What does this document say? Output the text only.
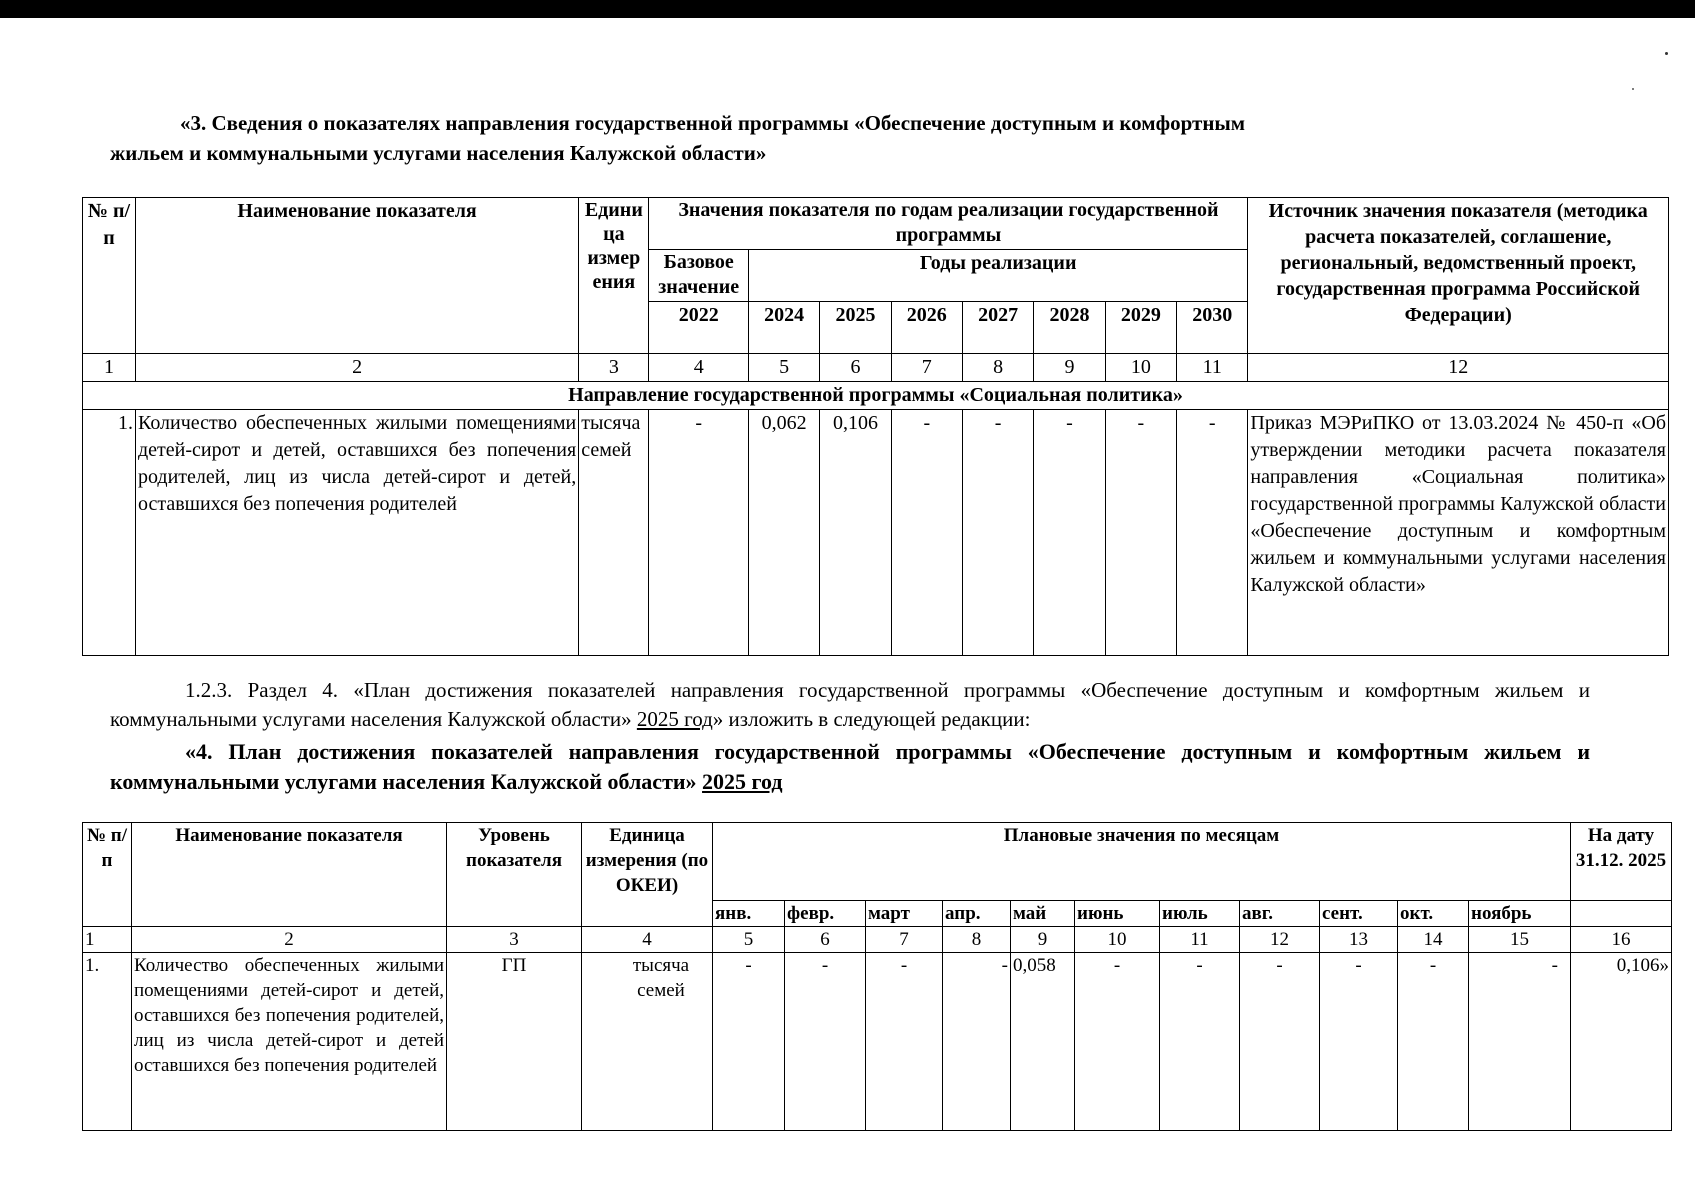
«3. Сведения о показателях направления государственной программы «Обеспечение доступным и комфортным
жильем и коммунальными услугами населения Калужской области»
№ п/п	Наименование показателя	Едини ца измер ения	Значения показателя по годам реализации государственной программы								Источник значения показателя (методика расчета показателей, соглашение, региональный, ведомственный проект, государственная программа Российской Федерации)
			Базовое значение	Годы реализации							
			2022	2024	2025	2026	2027	2028	2029	2030	
1	2	3	4	5	6	7	8	9	10	11	12
Направление государственной программы «Социальная политика»											
1.	Количество обеспеченных жилыми помещениями детей-сирот и детей, оставшихся без попечения родителей, лиц из числа детей-сирот и детей, оставшихся без попечения родителей	тысяча семей	-	0,062	0,106	-	-	-	-	-	Приказ МЭРиПКО от 13.03.2024 № 450-п «Об утверждении методики расчета показателя направления «Социальная политика» государственной программы Калужской области «Обеспечение доступным и комфортным жильем и коммунальными услугами населения Калужской области»
1.2.3. Раздел 4. «План достижения показателей направления государственной программы «Обеспечение доступным и комфортным жильем и коммунальными услугами населения Калужской области» 2025 год» изложить в следующей редакции:
«4. План достижения показателей направления государственной программы «Обеспечение доступным и комфортным жильем и коммунальными услугами населения Калужской области» 2025 год
№ п/п	Наименование показателя	Уровень показателя	Единица измерения (по ОКЕИ)	Плановые значения по месяцам											На дату 31.12. 2025
				янв.	февр.	март	апр.	май	июнь	июль	авг.	сент.	окт.	ноябрь	
1	2	3	4	5	6	7	8	9	10	11	12	13	14	15	16
1.	Количество обеспеченных жилыми помещениями детей-сирот и детей, оставшихся без попечения родителей, лиц из числа детей-сирот и детей оставшихся без попечения родителей	ГП	тысяча семей	-	-	-	-	0,058	-	-	-	-	-	-	0,106»
